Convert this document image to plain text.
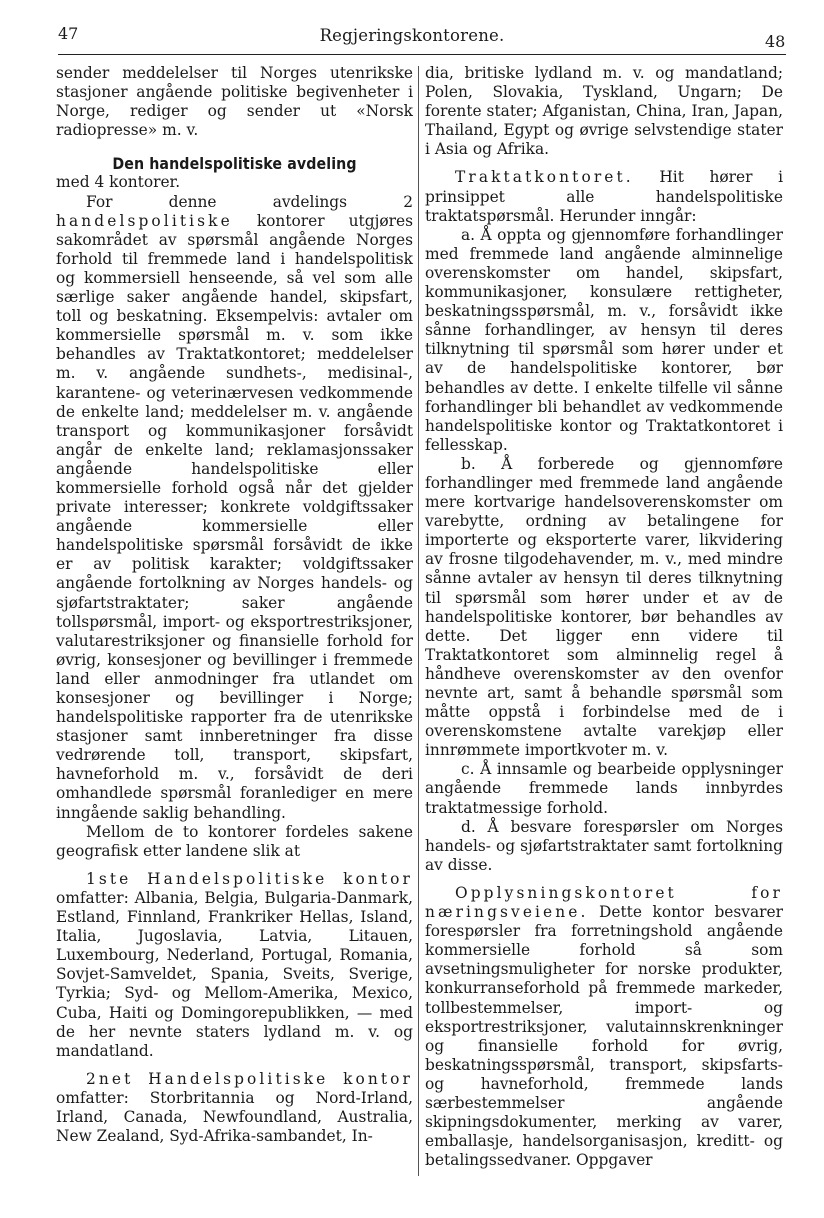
47	Regjeringskontorene.	48

sender meddelelser til Norges utenrikske stasjoner angående politiske begivenheter i Norge, rediger og sender ut «Norsk radiopresse» m. v.

Den handelspolitiske avdeling

med 4 kontorer.

For denne avdelings 2 handelspolitiske kontorer utgjøres sakområdet av spørsmål angående Norges forhold til fremmede land i handelspolitisk og kommersiell henseende, så vel som alle særlige saker angående handel, skipsfart, toll og beskatning. Eksempelvis: avtaler om kommersielle spørsmål m. v. som ikke behandles av Traktatkontoret; meddelelser m. v. angående sundhets-, medisinal-, karantene- og veterinærvesen vedkommende de enkelte land; meddelelser m. v. angående transport og kommunikasjoner forsåvidt angår de enkelte land; reklamasjonssaker angående handelspolitiske eller kommersielle forhold også når det gjelder private interesser; konkrete voldgiftssaker angående kommersielle eller handelspolitiske spørsmål forsåvidt de ikke er av politisk karakter; voldgiftssaker angående fortolkning av Norges handels- og sjøfartstraktater; saker angående tollspørsmål, import- og eksportrestriksjoner, valutarestriksjoner og finansielle forhold for øvrig, konsesjoner og bevillinger i fremmede land eller anmodninger fra utlandet om konsesjoner og bevillinger i Norge; handelspolitiske rapporter fra de utenrikske stasjoner samt innberetninger fra disse vedrørende toll, transport, skipsfart, havneforhold m. v., forsåvidt de deri omhandlede spørsmål foranlediger en mere inngående saklig behandling.

Mellom de to kontorer fordeles sakene geografisk etter landene slik at

1ste Handelspolitiske kontor omfatter: Albania, Belgia, Bulgaria-Danmark, Estland, Finnland, Frankriker Hellas, Island, Italia, Jugoslavia, Latvia, Litauen, Luxembourg, Nederland, Portugal, Romania, Sovjet-Samveldet, Spania, Sveits, Sverige, Tyrkia; Syd- og Mellom-Amerika, Mexico, Cuba, Haiti og Domingorepublikken, — med de her nevnte staters lydland m. v. og mandatland.

2net Handelspolitiske kontor omfatter: Storbritannia og Nord-Irland, Irland, Canada, Newfoundland, Australia, New Zealand, Syd-Afrika-sambandet, In-

dia, britiske lydland m. v. og mandatland; Polen, Slovakia, Tyskland, Ungarn; De forente stater; Afganistan, China, Iran, Japan, Thailand, Egypt og øvrige selvstendige stater i Asia og Afrika.

Traktatkontoret. Hit hører i prinsippet alle handelspolitiske traktatspørsmål. Herunder inngår:

a. Å oppta og gjennomføre forhandlinger med fremmede land angående alminnelige overenskomster om handel, skipsfart, kommunikasjoner, konsulære rettigheter, beskatningsspørsmål, m. v., forsåvidt ikke sånne forhandlinger, av hensyn til deres tilknytning til spørsmål som hører under et av de handelspolitiske kontorer, bør behandles av dette. I enkelte tilfelle vil sånne forhandlinger bli behandlet av vedkommende handelspolitiske kontor og Traktatkontoret i fellesskap.

b. Å forberede og gjennomføre forhandlinger med fremmede land angående mere kortvarige handelsoverenskomster om varebytte, ordning av betalingene for importerte og eksporterte varer, likvidering av frosne tilgodehavender, m. v., med mindre sånne avtaler av hensyn til deres tilknytning til spørsmål som hører under et av de handelspolitiske kontorer, bør behandles av dette. Det ligger enn videre til Traktatkontoret som alminnelig regel å håndheve overenskomster av den ovenfor nevnte art, samt å behandle spørsmål som måtte oppstå i forbindelse med de i overenskomstene avtalte varekjøp eller innrømmete importkvoter m. v.

c. Å innsamle og bearbeide opplysninger angående fremmede lands innbyrdes traktatmessige forhold.

d. Å besvare forespørsler om Norges handels- og sjøfartstraktater samt fortolkning av disse.

Opplysningskontoret for næringsveiene. Dette kontor besvarer forespørsler fra forretningshold angående kommersielle forhold så som avsetningsmuligheter for norske produkter, konkurranseforhold på fremmede markeder, tollbestemmelser, import- og eksportrestriksjoner, valutainnskrenkninger og finansielle forhold for øvrig, beskatningsspørsmål, transport, skipsfarts- og havneforhold, fremmede lands særbestemmelser angående skipningsdokumenter, merking av varer, emballasje, handelsorganisasjon, kreditt- og betalingssedvaner. Oppgaver
